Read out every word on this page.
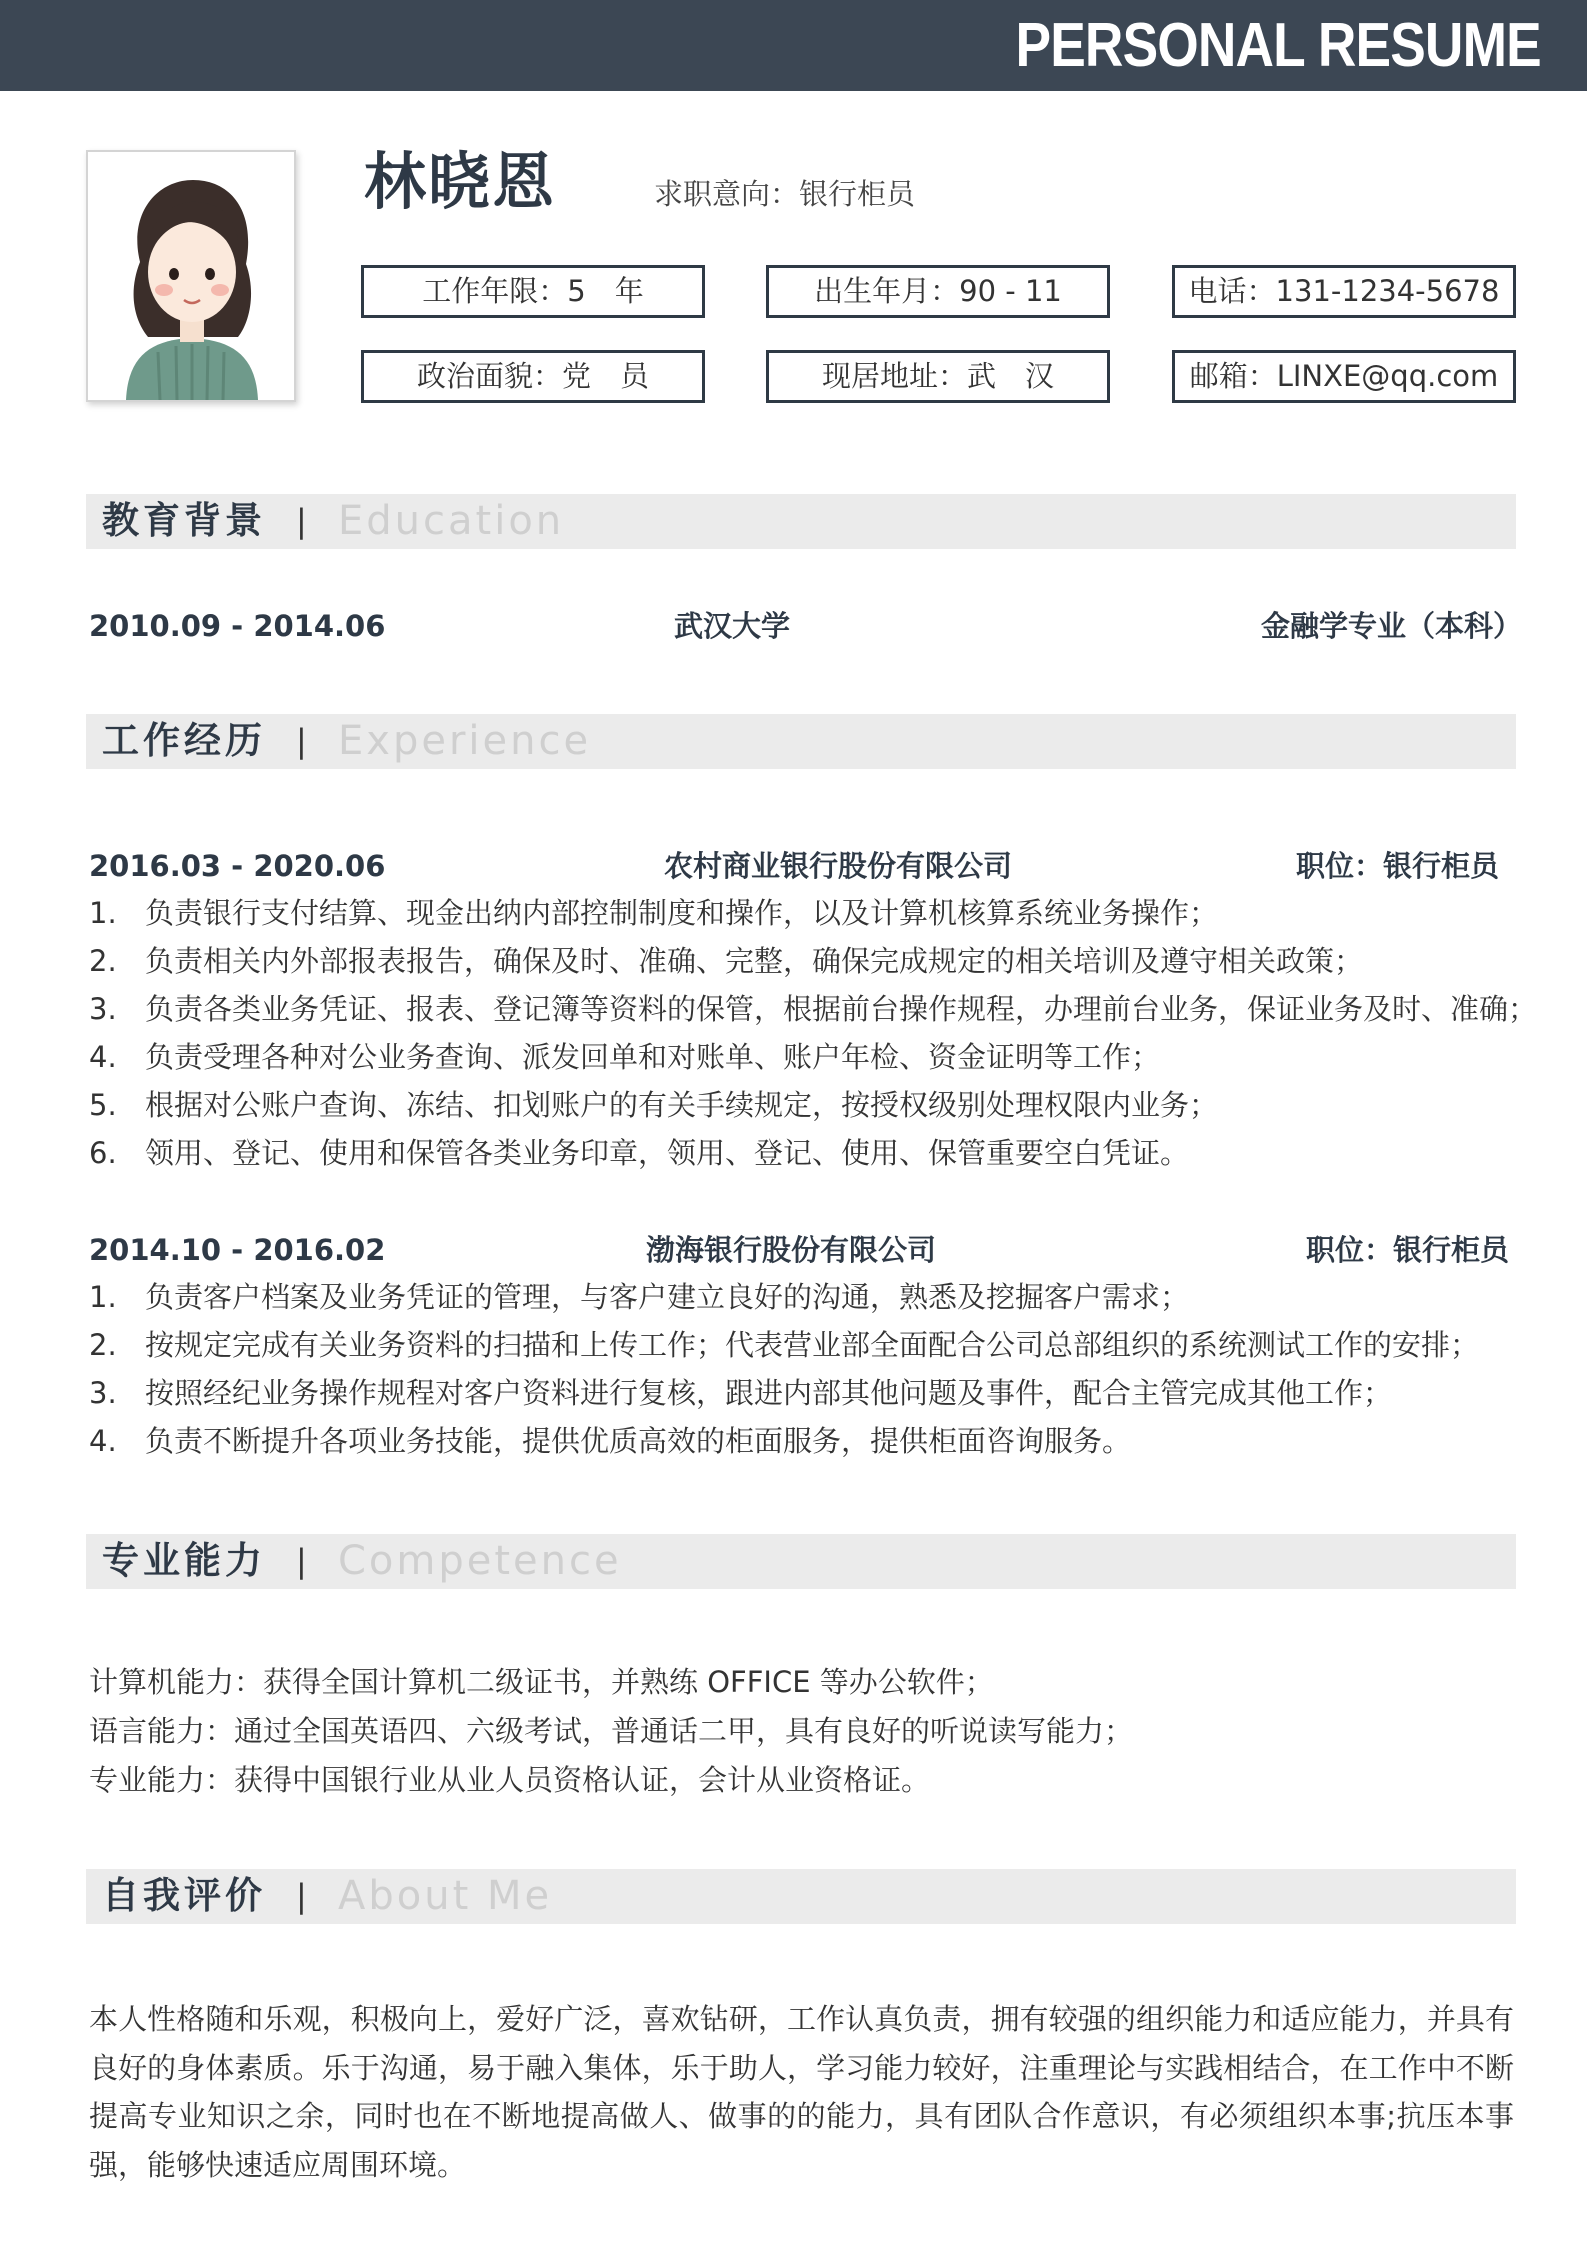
PERSONAL RESUME
林晓恩	求职意向：银行柜员
工作年限：5　年	出生年月：90 - 11	电话：131-1234-5678
政治面貌：党　员	现居地址：武　汉	邮箱：LINXE@qq.com
教育背景 | Education
2010.09 - 2014.06	武汉大学	金融学专业（本科）
工作经历 | Experience
2016.03 - 2020.06	农村商业银行股份有限公司	职位：银行柜员
1. 负责银行支付结算、现金出纳内部控制制度和操作，以及计算机核算系统业务操作；
2. 负责相关内外部报表报告，确保及时、准确、完整，确保完成规定的相关培训及遵守相关政策；
3. 负责各类业务凭证、报表、登记簿等资料的保管，根据前台操作规程，办理前台业务，保证业务及时、准确；
4. 负责受理各种对公业务查询、派发回单和对账单、账户年检、资金证明等工作；
5. 根据对公账户查询、冻结、扣划账户的有关手续规定，按授权级别处理权限内业务；
6. 领用、登记、使用和保管各类业务印章，领用、登记、使用、保管重要空白凭证。
2014.10 - 2016.02	渤海银行股份有限公司	职位：银行柜员
1. 负责客户档案及业务凭证的管理，与客户建立良好的沟通，熟悉及挖掘客户需求；
2. 按规定完成有关业务资料的扫描和上传工作；代表营业部全面配合公司总部组织的系统测试工作的安排；
3. 按照经纪业务操作规程对客户资料进行复核，跟进内部其他问题及事件，配合主管完成其他工作；
4. 负责不断提升各项业务技能，提供优质高效的柜面服务，提供柜面咨询服务。
专业能力 | Competence
计算机能力：获得全国计算机二级证书，并熟练 OFFICE 等办公软件；
语言能力：通过全国英语四、六级考试，普通话二甲，具有良好的听说读写能力；
专业能力：获得中国银行业从业人员资格认证，会计从业资格证。
自我评价 | About Me
本人性格随和乐观，积极向上，爱好广泛，喜欢钻研，工作认真负责，拥有较强的组织能力和适应能力，并具有良好的身体素质。乐于沟通，易于融入集体，乐于助人，学习能力较好，注重理论与实践相结合，在工作中不断提高专业知识之余，同时也在不断地提高做人、做事的的能力，具有团队合作意识，有必须组织本事;抗压本事强，能够快速适应周围环境。
